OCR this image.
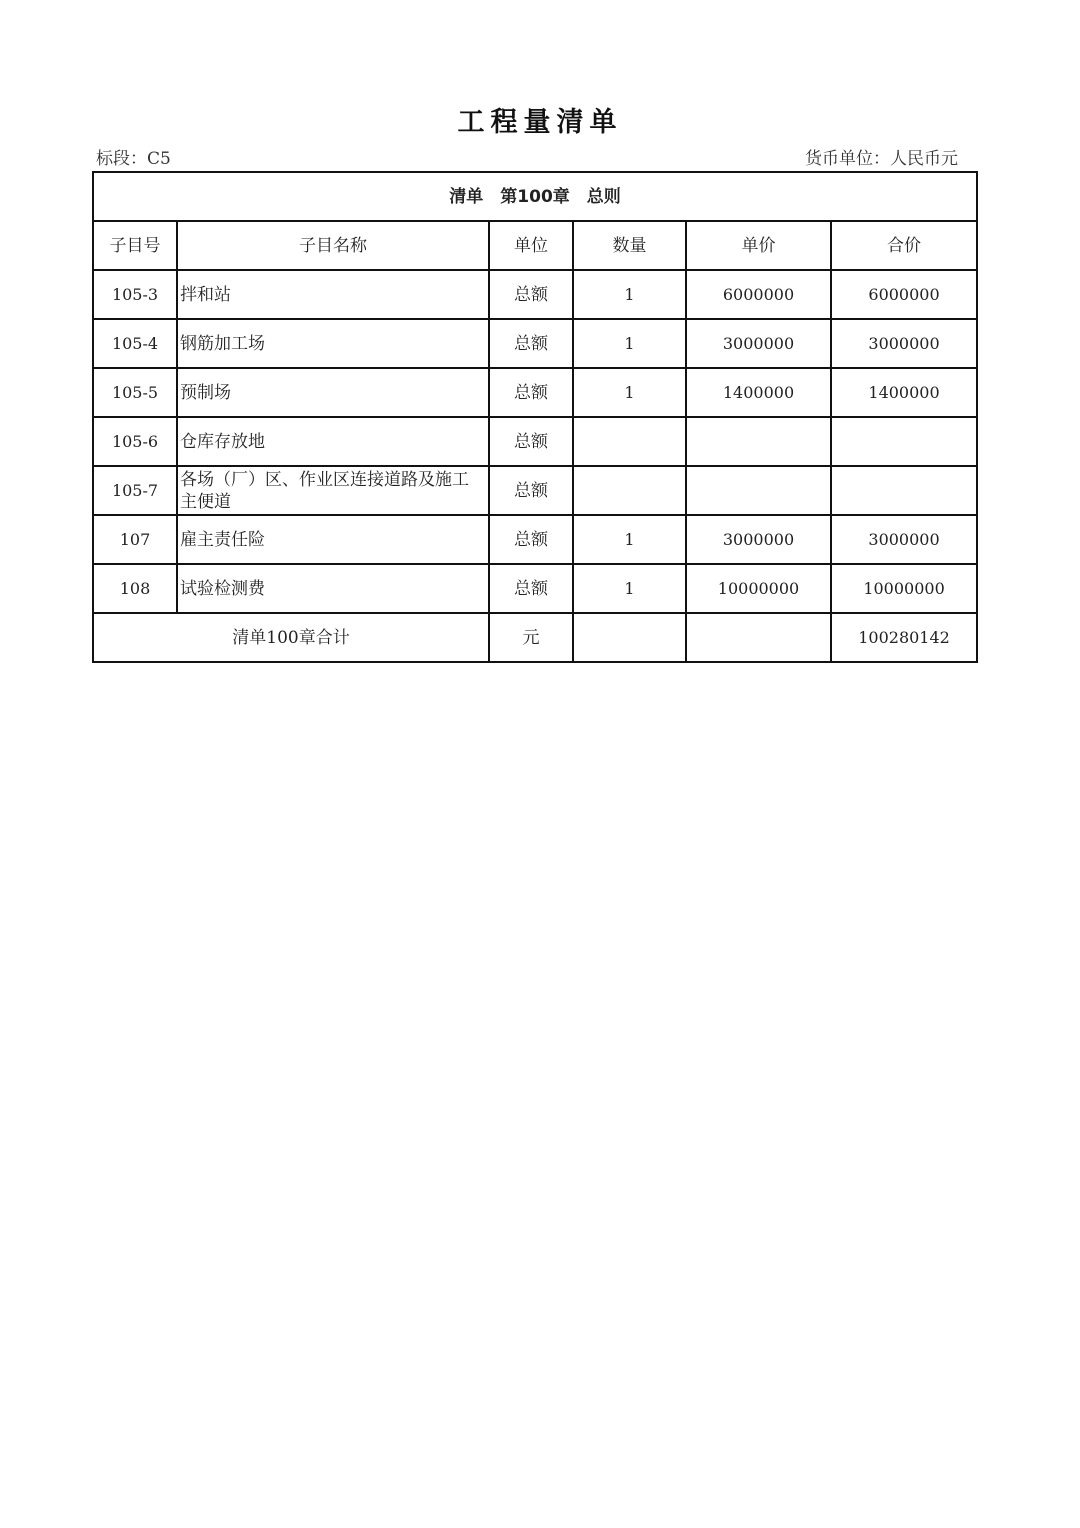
工程量清单
标段：C5	货币单位：人民币元
清单　第100章　总则					
子目号	子目名称	单位	数量	单价	合价
105-3	拌和站	总额	1	6000000	6000000
105-4	钢筋加工场	总额	1	3000000	3000000
105-5	预制场	总额	1	1400000	1400000
105-6	仓库存放地	总额			
105-7	各场（厂）区、作业区连接道路及施工主便道	总额			
107	雇主责任险	总额	1	3000000	3000000
108	试验检测费	总额	1	10000000	10000000
清单100章合计		元			100280142
